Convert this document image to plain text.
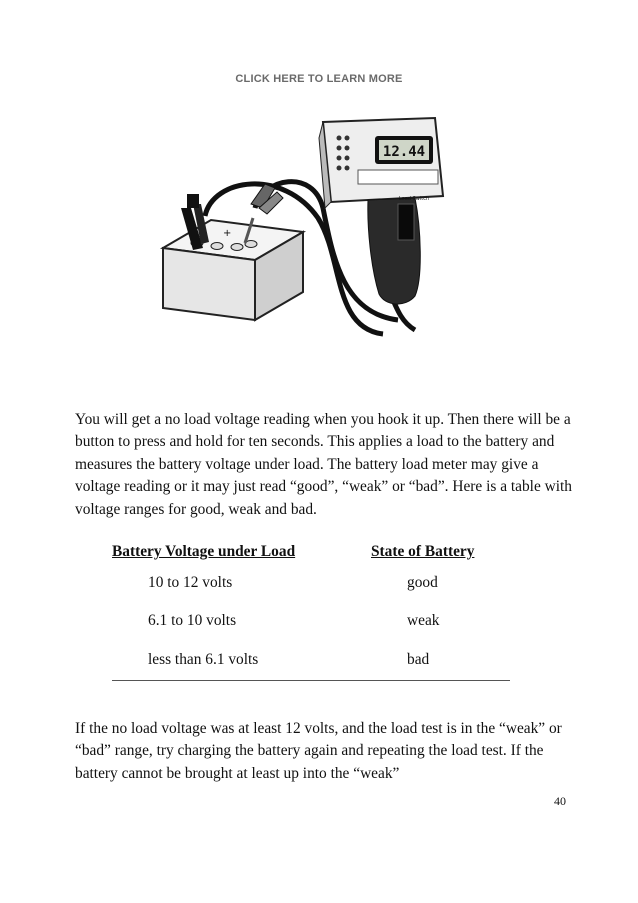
CLICK HERE TO LEARN MORE
+
12.44
Load Switch

You will get a no load voltage reading when you hook it up. Then there will be a button to press and hold for ten seconds. This applies a load to the battery and measures the battery voltage under load. The battery load meter may give a voltage reading or it may just read “good”, “weak” or “bad”. Here is a table with voltage ranges for good, weak and bad.

Battery Voltage under Load	State of Battery
10 to 12 volts	good
6.1 to 10 volts	weak
less than 6.1 volts	bad

If the no load voltage was at least 12 volts, and the load test is in the “weak” or “bad” range, try charging the battery again and repeating the load test. If the battery cannot be brought at least up into the “weak”

40
